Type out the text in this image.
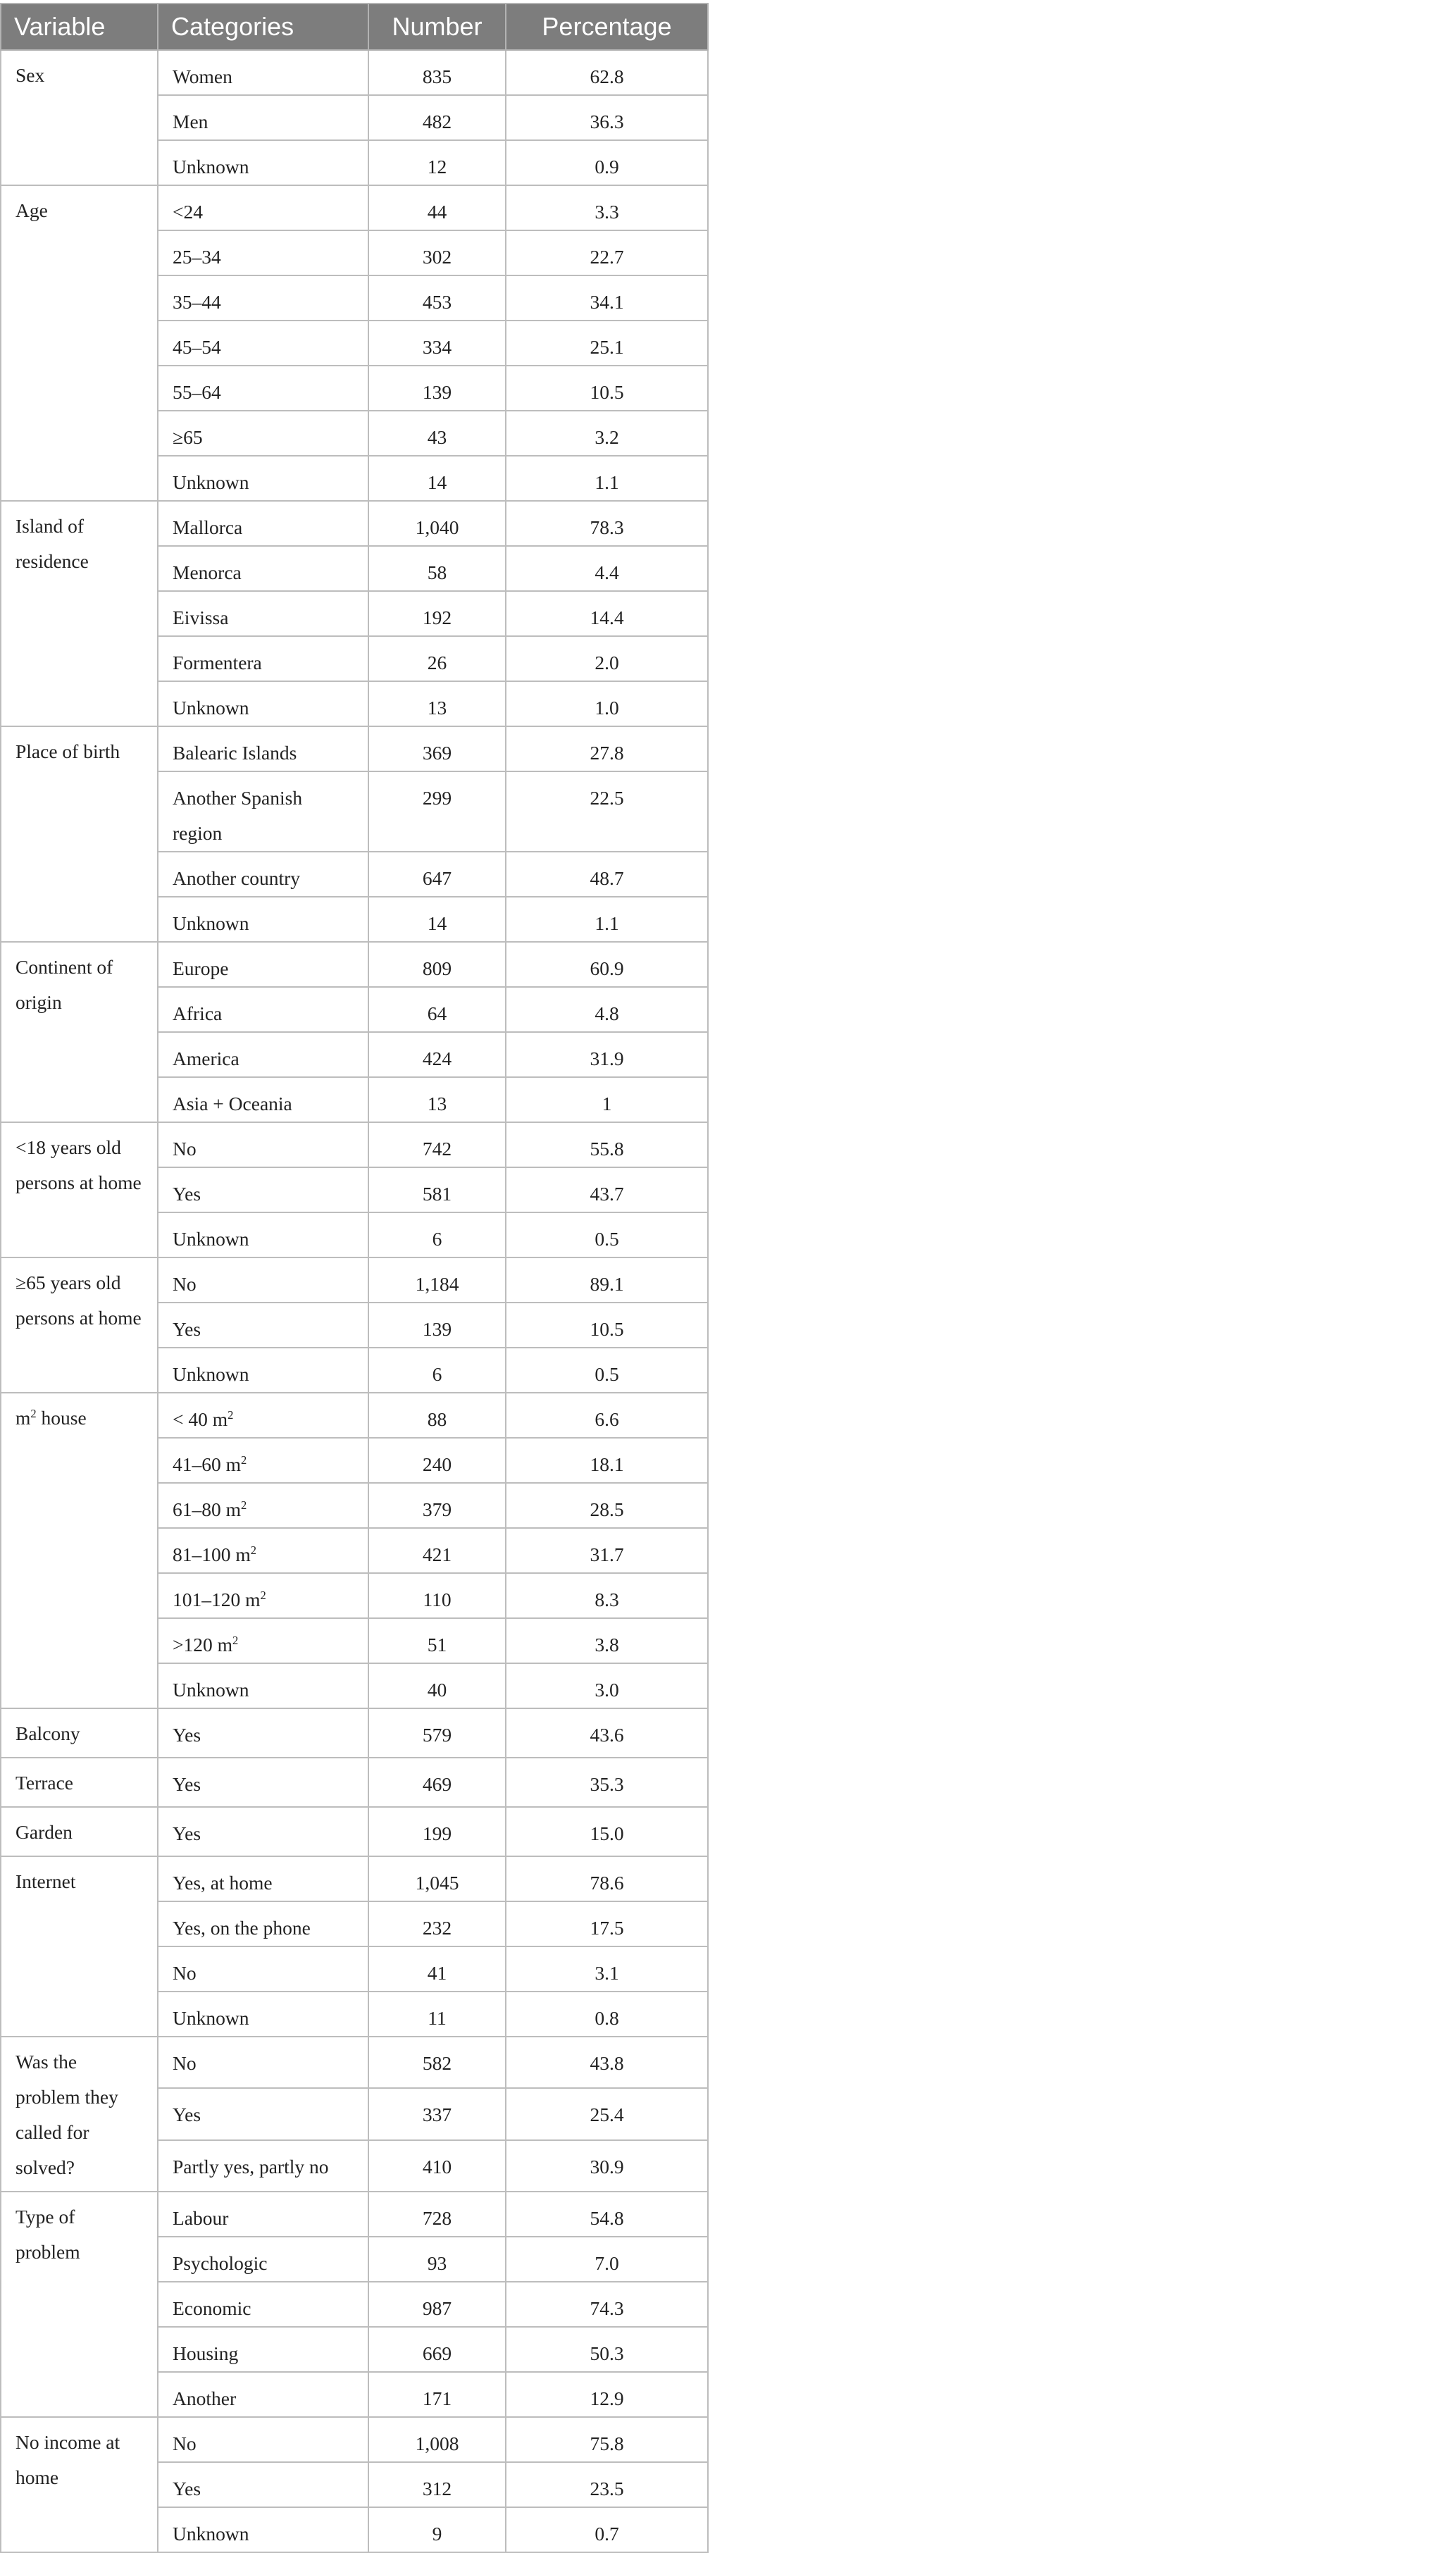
Variable	Categories	Number	Percentage
Sex	Women	835	62.8
	Men	482	36.3
	Unknown	12	0.9
Age	<24	44	3.3
	25–34	302	22.7
	35–44	453	34.1
	45–54	334	25.1
	55–64	139	10.5
	≥65	43	3.2
	Unknown	14	1.1
Island of residence	Mallorca	1,040	78.3
	Menorca	58	4.4
	Eivissa	192	14.4
	Formentera	26	2.0
	Unknown	13	1.0
Place of birth	Balearic Islands	369	27.8
	Another Spanish region	299	22.5
	Another country	647	48.7
	Unknown	14	1.1
Continent of origin	Europe	809	60.9
	Africa	64	4.8
	America	424	31.9
	Asia + Oceania	13	1
<18 years old persons at home	No	742	55.8
	Yes	581	43.7
	Unknown	6	0.5
≥65 years old persons at home	No	1,184	89.1
	Yes	139	10.5
	Unknown	6	0.5
$m^2$ house	< 40 $m^2$	88	6.6
	41–60 $m^2$	240	18.1
	61–80 $m^2$	379	28.5
	81–100 $m^2$	421	31.7
	101–120 $m^2$	110	8.3
	>120 $m^2$	51	3.8
	Unknown	40	3.0
Balcony	Yes	579	43.6
Terrace	Yes	469	35.3
Garden	Yes	199	15.0
Internet	Yes, at home	1,045	78.6
	Yes, on the phone	232	17.5
	No	41	3.1
	Unknown	11	0.8
Was the problem they called for solved?	No	582	43.8
	Yes	337	25.4
	Partly yes, partly no	410	30.9
Type of problem	Labour	728	54.8
	Psychologic	93	7.0
	Economic	987	74.3
	Housing	669	50.3
	Another	171	12.9
No income at home	No	1,008	75.8
	Yes	312	23.5
	Unknown	9	0.7
